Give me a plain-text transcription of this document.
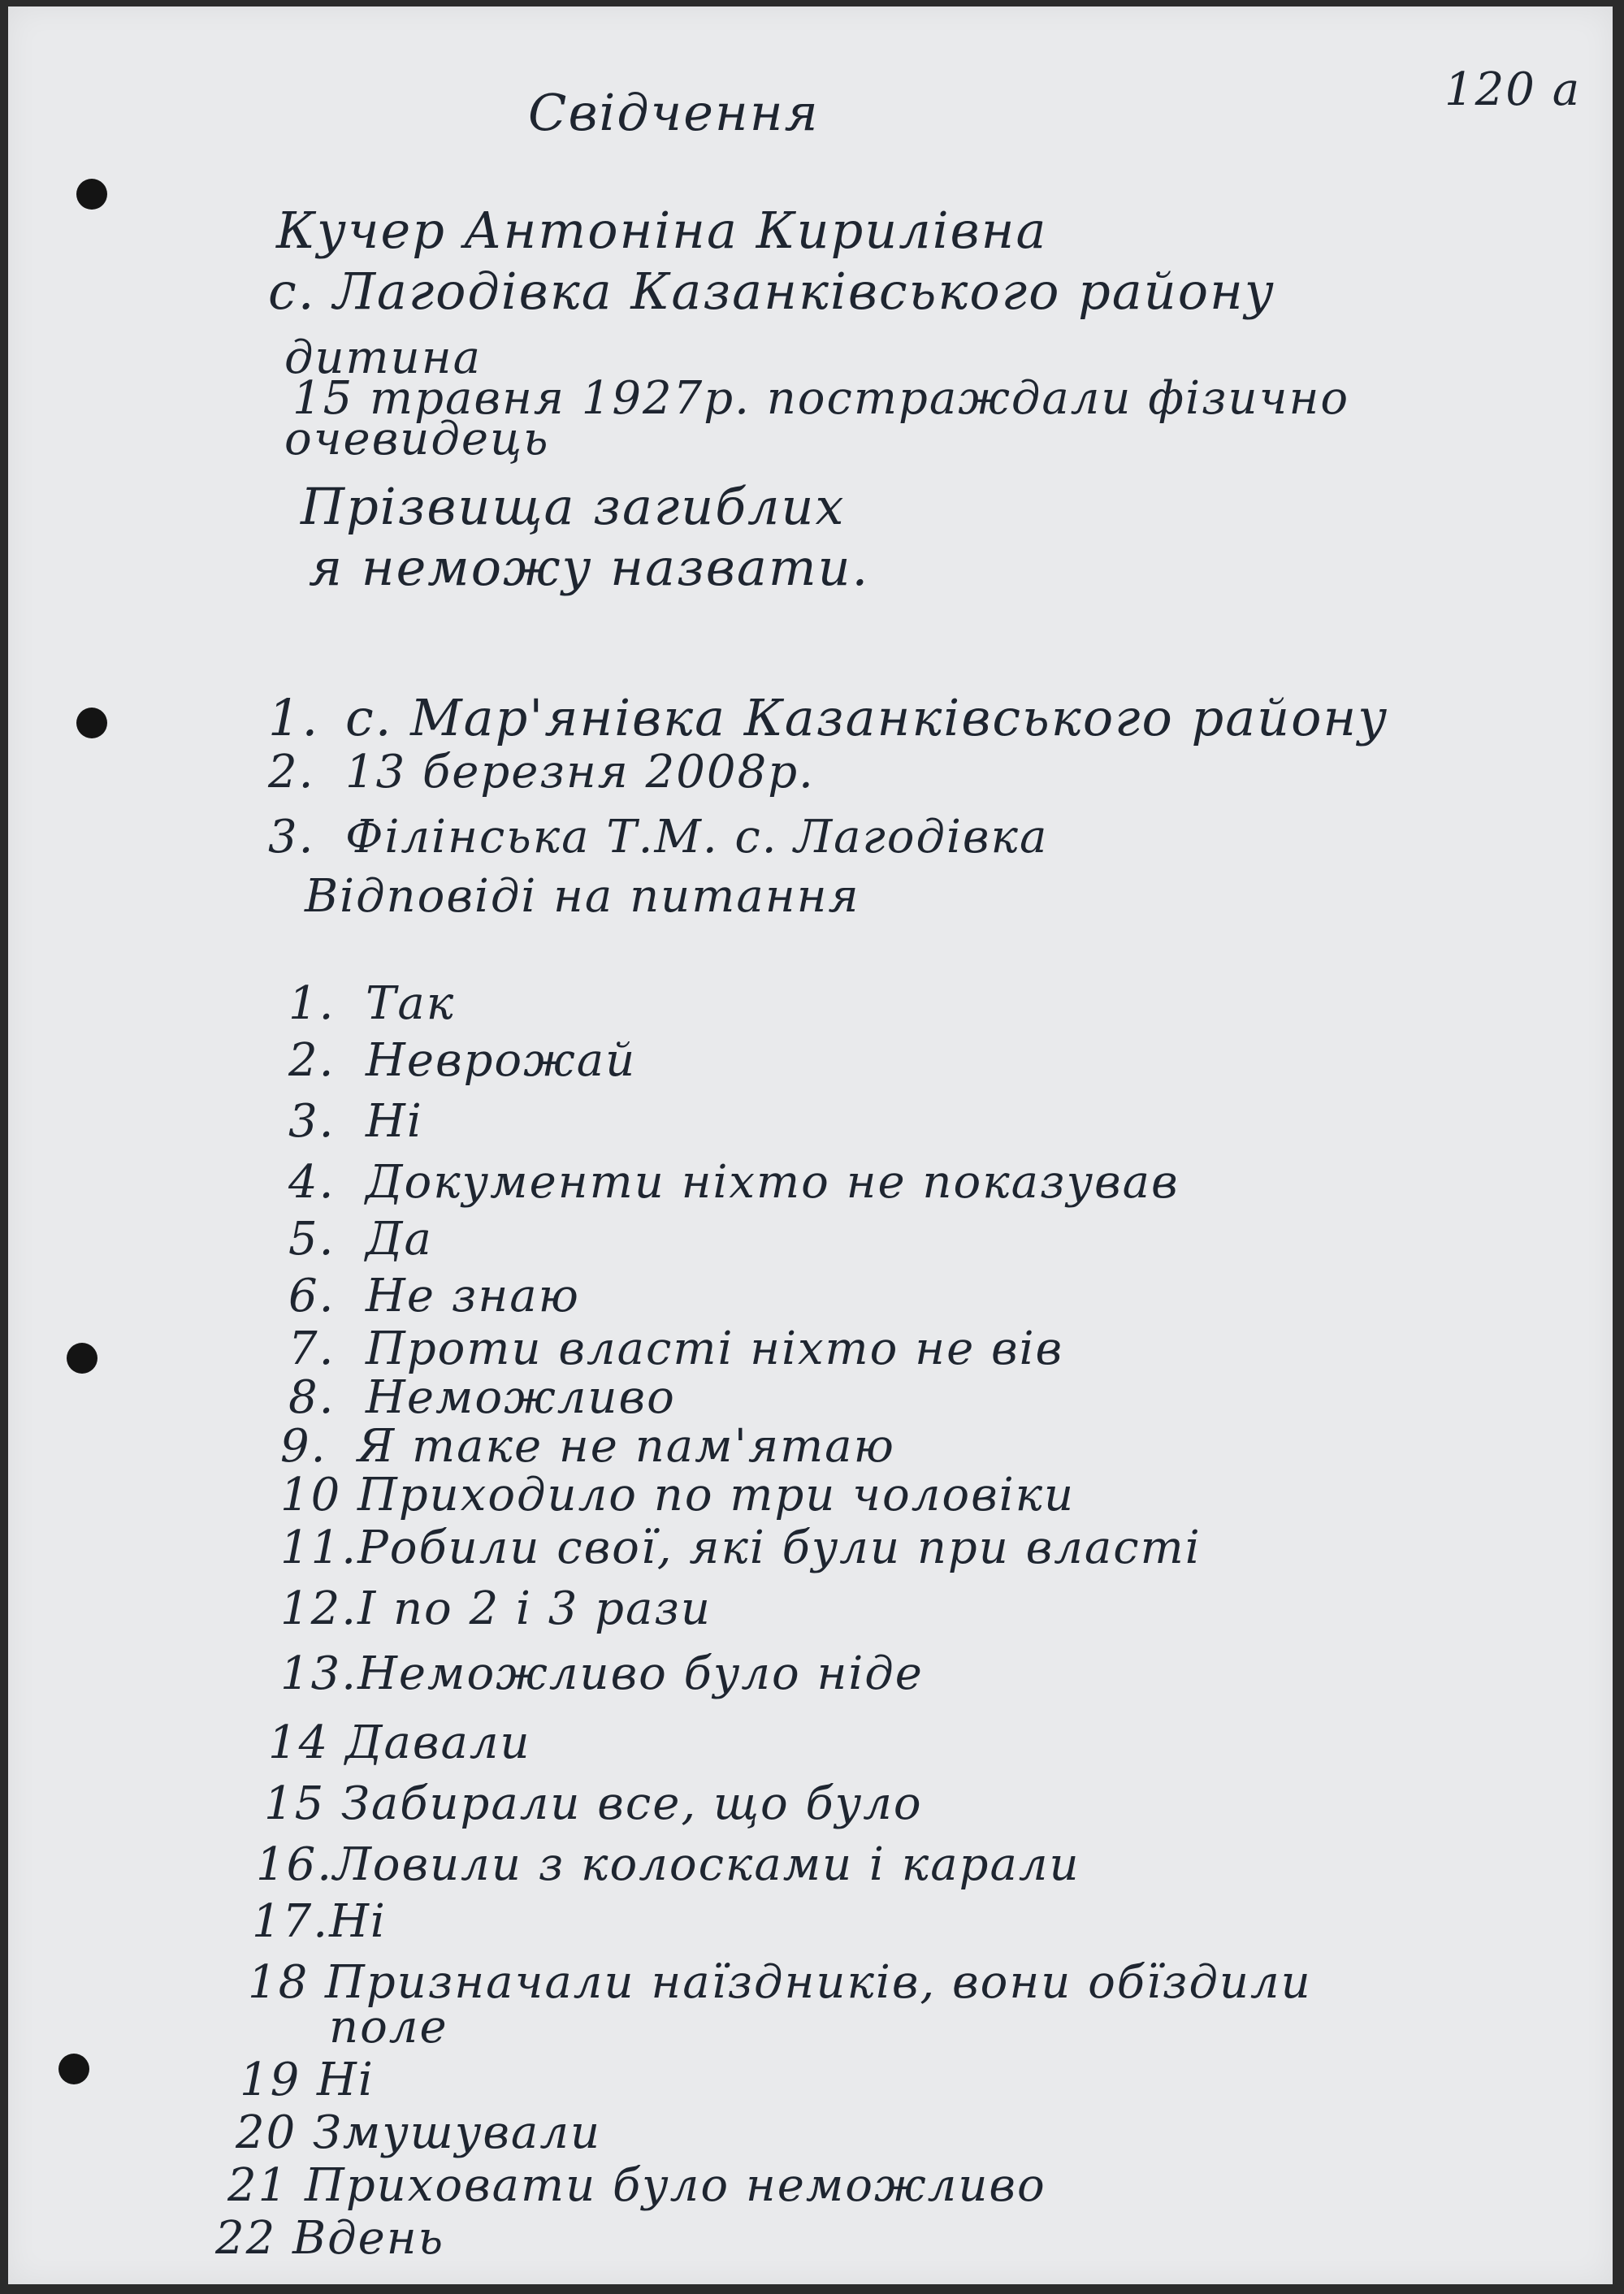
120 a
Свідчення
Кучер Антоніна Кирилівна
с. Лагодівка Казанківського району
дитина
15 травня 1927р. постраждали фізично
очевидець
Прізвища загиблих
я неможу назвати.
1. с. Мар'янівка Казанківського району
2. 13 березня 2008р.
3. Філінська Т.М. с. Лагодівка
Відповіді на питання
1. Так
2. Неврожай
3. Ні
4. Документи ніхто не показував
5. Да
6. Не знаю
7. Проти власті ніхто не вів
8. Неможливо
9. Я таке не пам'ятаю
10 Приходило по три чоловіки
11.Робили свої, які були при власті
12.І по 2 і 3 рази
13.Неможливо було ніде
14 Давали
15 Забирали все, що було
16.Ловили з колосками і карали
17.Ні
18 Призначали наїздників, вони обїздили
поле
19 Ні
20 Змушували
21 Приховати було неможливо
22 Вдень
